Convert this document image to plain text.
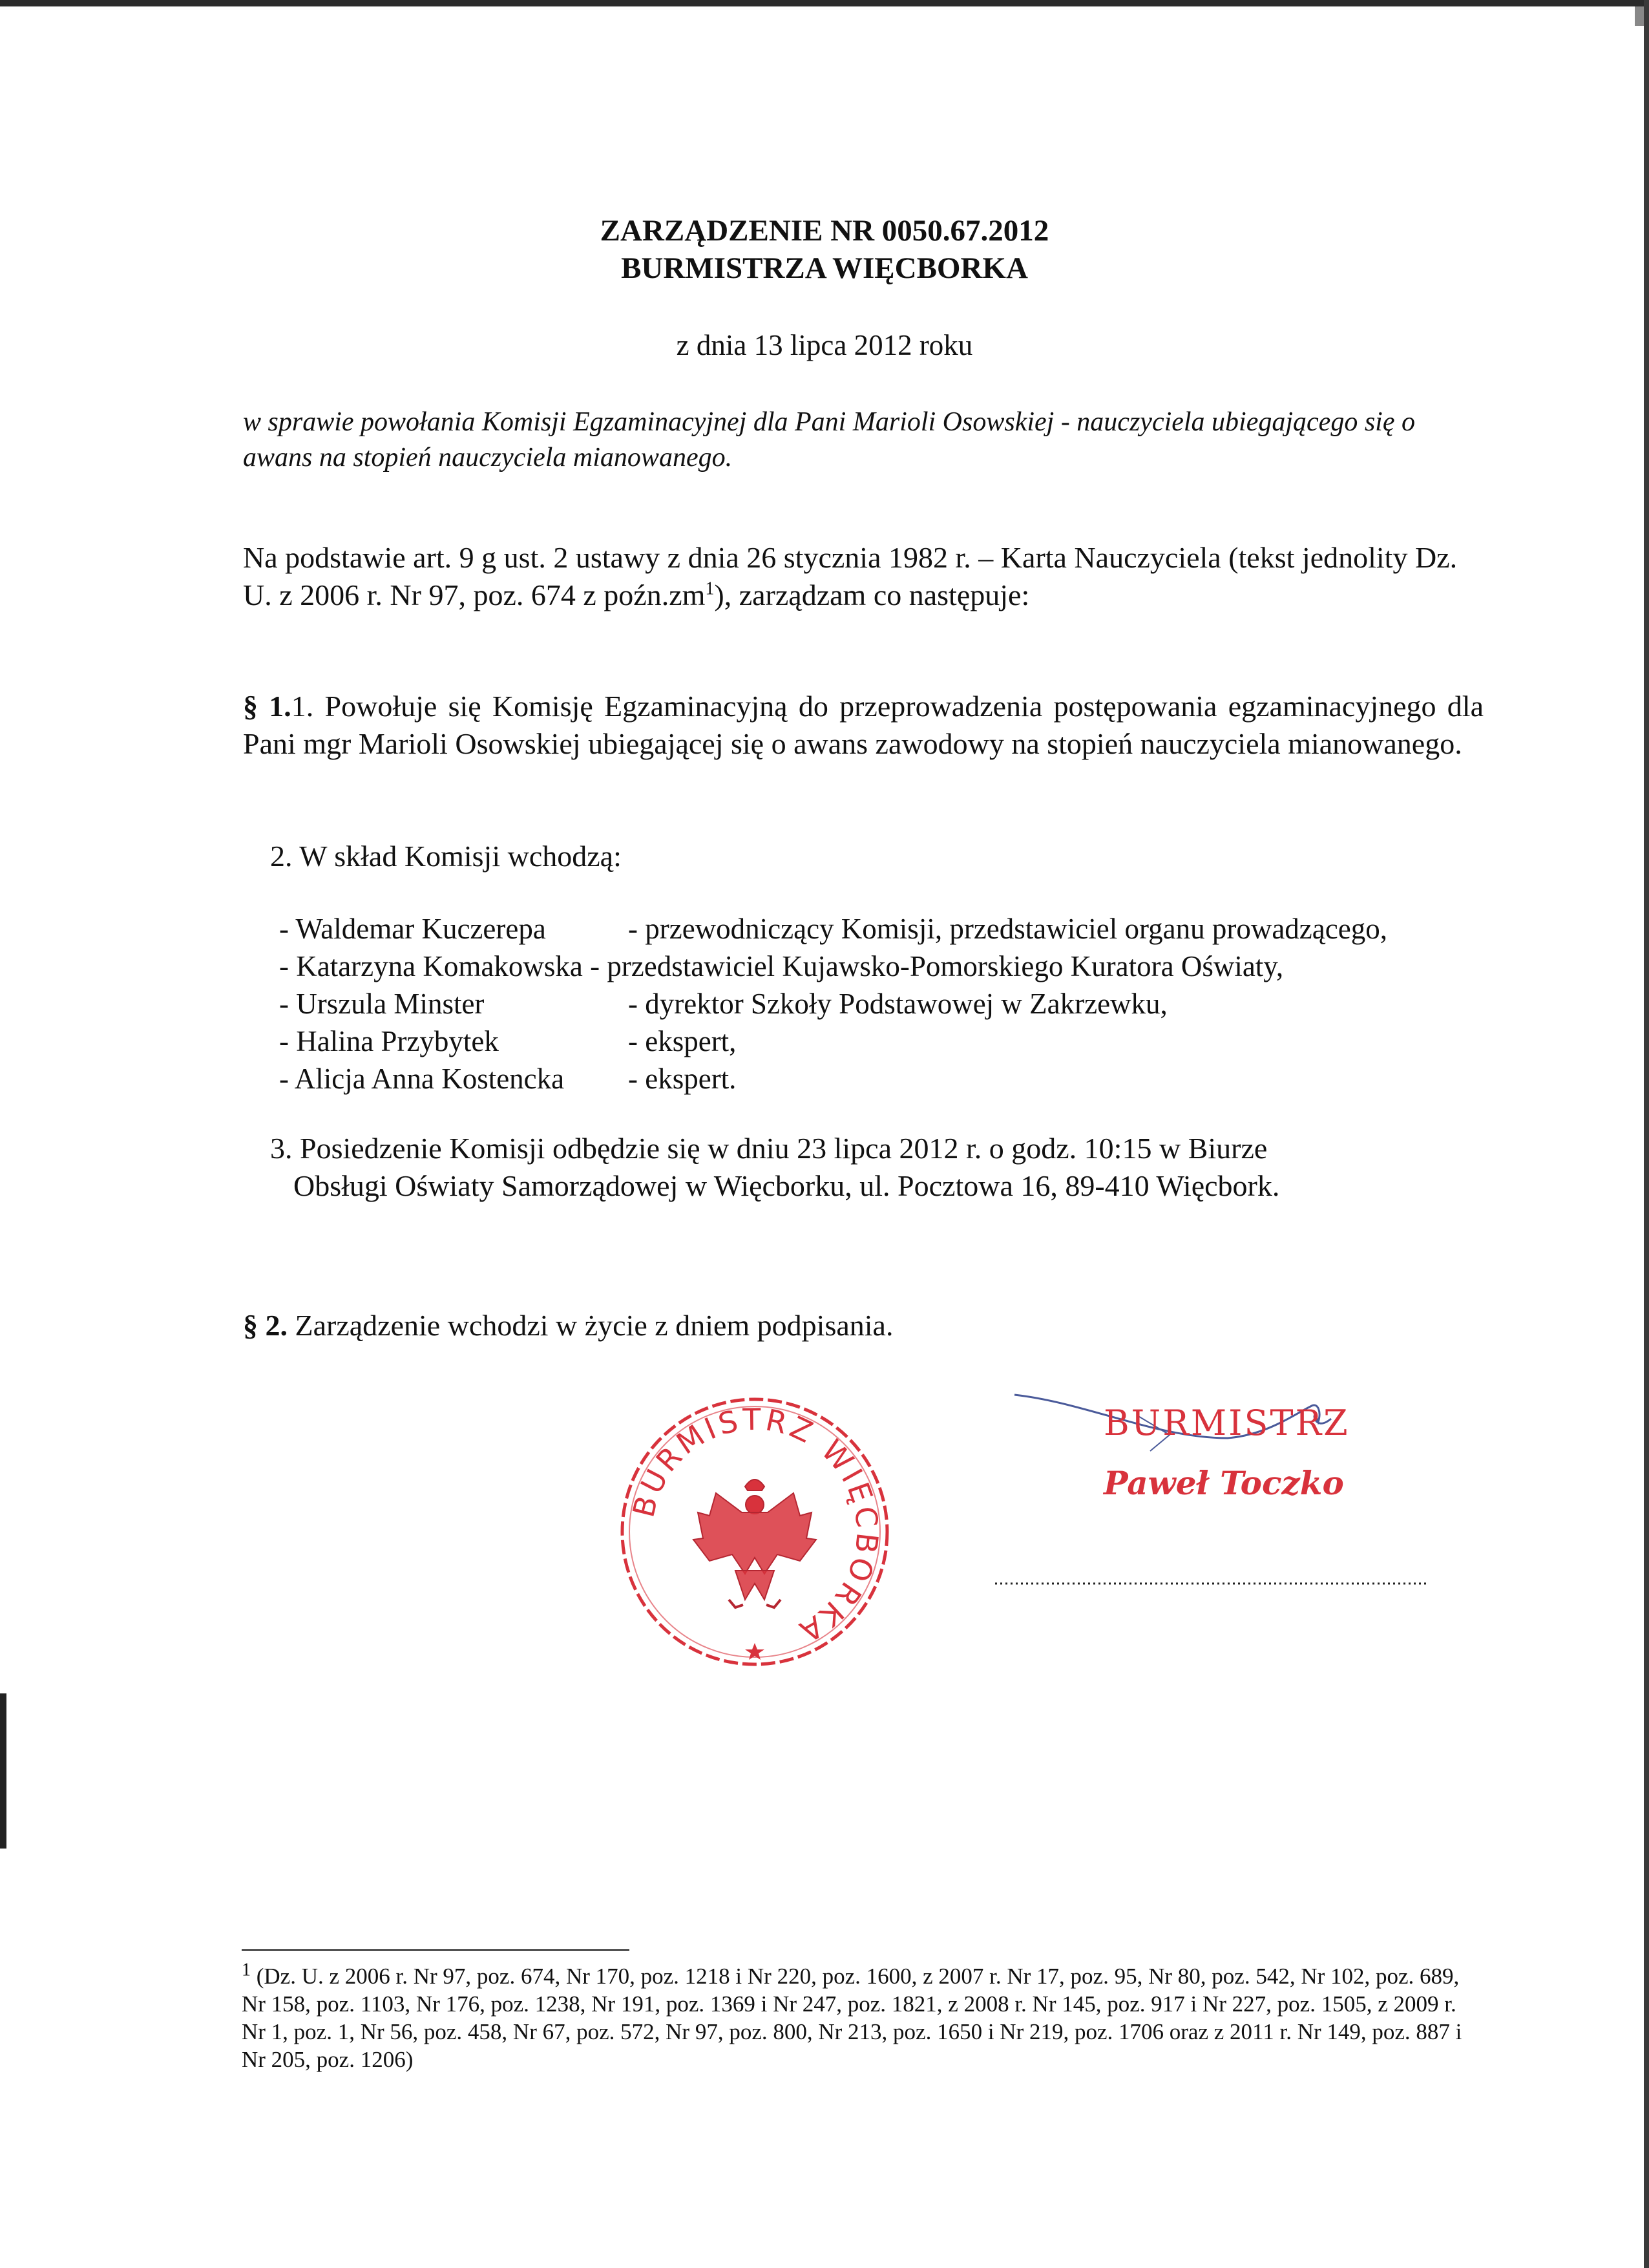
ZARZĄDZENIE NR 0050.67.2012
BURMISTRZA WIĘCBORKA
z dnia 13 lipca 2012 roku
w sprawie powołania Komisji Egzaminacyjnej dla Pani Marioli Osowskiej - nauczyciela ubiegającego się o awans na stopień nauczyciela mianowanego.
Na podstawie art. 9 g ust. 2 ustawy z dnia 26 stycznia 1982 r. – Karta Nauczyciela (tekst jednolity Dz. U. z 2006 r. Nr 97, poz. 674 z $poźn.zm^1$), zarządzam co następuje:
§ 1.1. Powołuje się Komisję Egzaminacyjną do przeprowadzenia postępowania egzaminacyjnego dla Pani mgr Marioli Osowskiej ubiegającej się o awans zawodowy na stopień nauczyciela mianowanego.
2. W skład Komisji wchodzą:
- Waldemar Kuczerepa	- przewodniczący Komisji, przedstawiciel organu prowadzącego,
- Katarzyna Komakowska - przedstawiciel Kujawsko-Pomorskiego Kuratora Oświaty,
- Urszula Minster	- dyrektor Szkoły Podstawowej w Zakrzewku,
- Halina Przybytek	- ekspert,
- Alicja Anna Kostencka - ekspert.
3. Posiedzenie Komisji odbędzie się w dniu 23 lipca 2012 r. o godz. 10:15 w Biurze
Obsługi Oświaty Samorządowej w Więcborku, ul. Pocztowa 16, 89-410 Więcbork.
§ 2. Zarządzenie wchodzi w życie z dniem podpisania.
BURMISTRZ WIĘCBORKA
BURMISTRZ
Paweł Toczko
$^1$ (Dz. U. z 2006 r. Nr 97, poz. 674, Nr 170, poz. 1218 i Nr 220, poz. 1600, z 2007 r. Nr 17, poz. 95, Nr 80, poz. 542, Nr 102, poz. 689, Nr 158, poz. 1103, Nr 176, poz. 1238, Nr 191, poz. 1369 i Nr 247, poz. 1821, z 2008 r. Nr 145, poz. 917 i Nr 227, poz. 1505, z 2009 r. Nr 1, poz. 1, Nr 56, poz. 458, Nr 67, poz. 572, Nr 97, poz. 800, Nr 213, poz. 1650 i Nr 219, poz. 1706 oraz z 2011 r. Nr 149, poz. 887 i Nr 205, poz. 1206)
